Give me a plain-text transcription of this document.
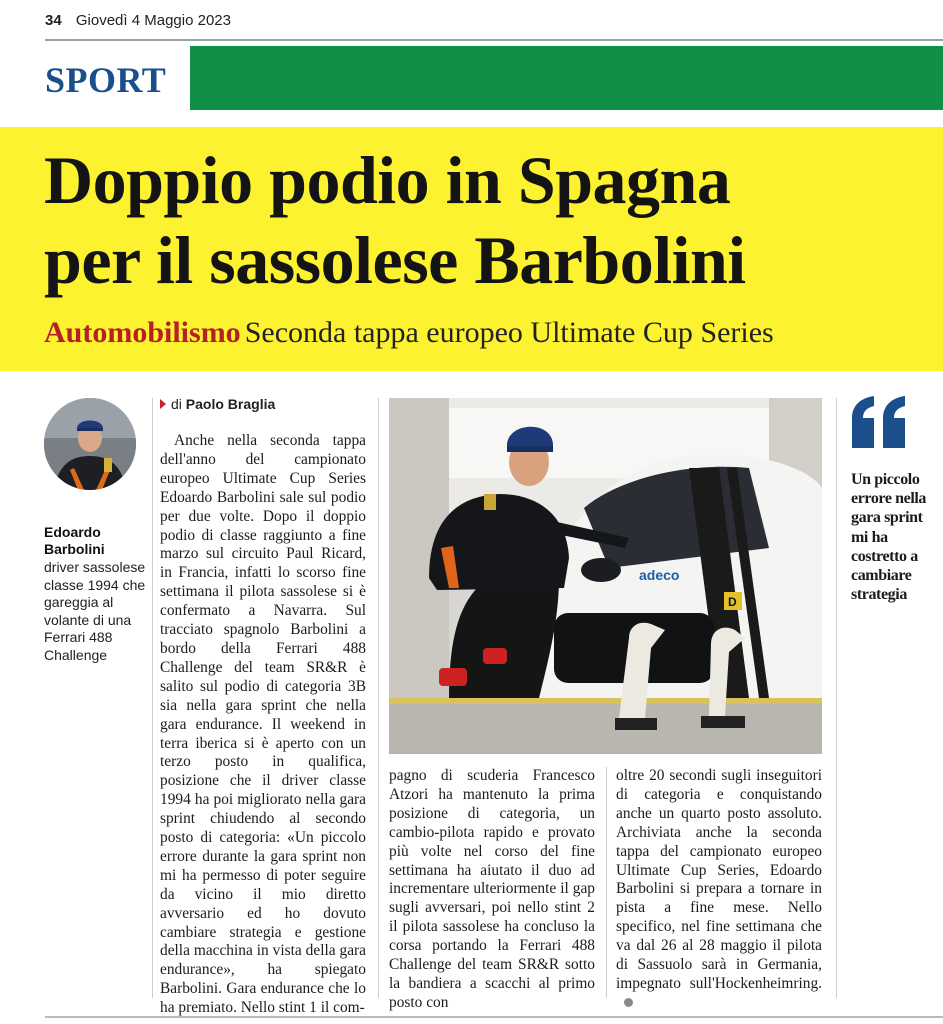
34 Giovedì 4 Maggio 2023
SPORT
Doppio podio in Spagna
per il sassolese Barbolini
Automobilismo Seconda tappa europeo Ultimate Cup Series
Edoardo Barbolini
driver sassolese classe 1994 che gareggia al volante di una Ferrari 488 Challenge
di Paolo Braglia

Anche nella seconda tappa dell'anno del campionato europeo Ultimate Cup Series Edoardo Barbolini sale sul podio per due volte. Dopo il doppio podio di classe raggiunto a fine marzo sul circuito Paul Ricard, in Francia, infatti lo scorso fine settimana il pilota sassolese si è confermato a Navarra. Sul tracciato spagnolo Barbolini a bordo della Ferrari 488 Challenge del team SR&R è salito sul podio di categoria 3B sia nella gara sprint che nella gara endurance. Il weekend in terra iberica si è aperto con un terzo posto in qualifica, posizione che il driver classe 1994 ha poi migliorato nella gara sprint chiudendo al secondo posto di categoria: «Un piccolo errore durante la gara sprint non mi ha permesso di poter seguire da vicino il mio diretto avversario ed ho dovuto cambiare strategia e gestione della macchina in vista della gara endurance», ha spiegato Barbolini. Gara endurance che lo ha premiato. Nello stint 1 il com-

adeco
D

pagno di scuderia Francesco Atzori ha mantenuto la prima posizione di categoria, un cambio-pilota rapido e provato più volte nel corso del fine settimana ha aiutato il duo ad incrementare ulteriormente il gap sugli avversari, poi nello stint 2 il pilota sassolese ha concluso la corsa portando la Ferrari 488 Challenge del team SR&R sotto la bandiera a scacchi al primo posto con

oltre 20 secondi sugli inseguitori di categoria e conquistando anche un quarto posto assoluto. Archiviata anche la seconda tappa del campionato europeo Ultimate Cup Series, Edoardo Barbolini si prepara a tornare in pista a fine mese. Nello specifico, nel fine settimana che va dal 26 al 28 maggio il pilota di Sassuolo sarà in Germania, impegnato sull'Hockenheimring.

Un piccolo errore nella gara sprint mi ha costretto a cambiare strategia
